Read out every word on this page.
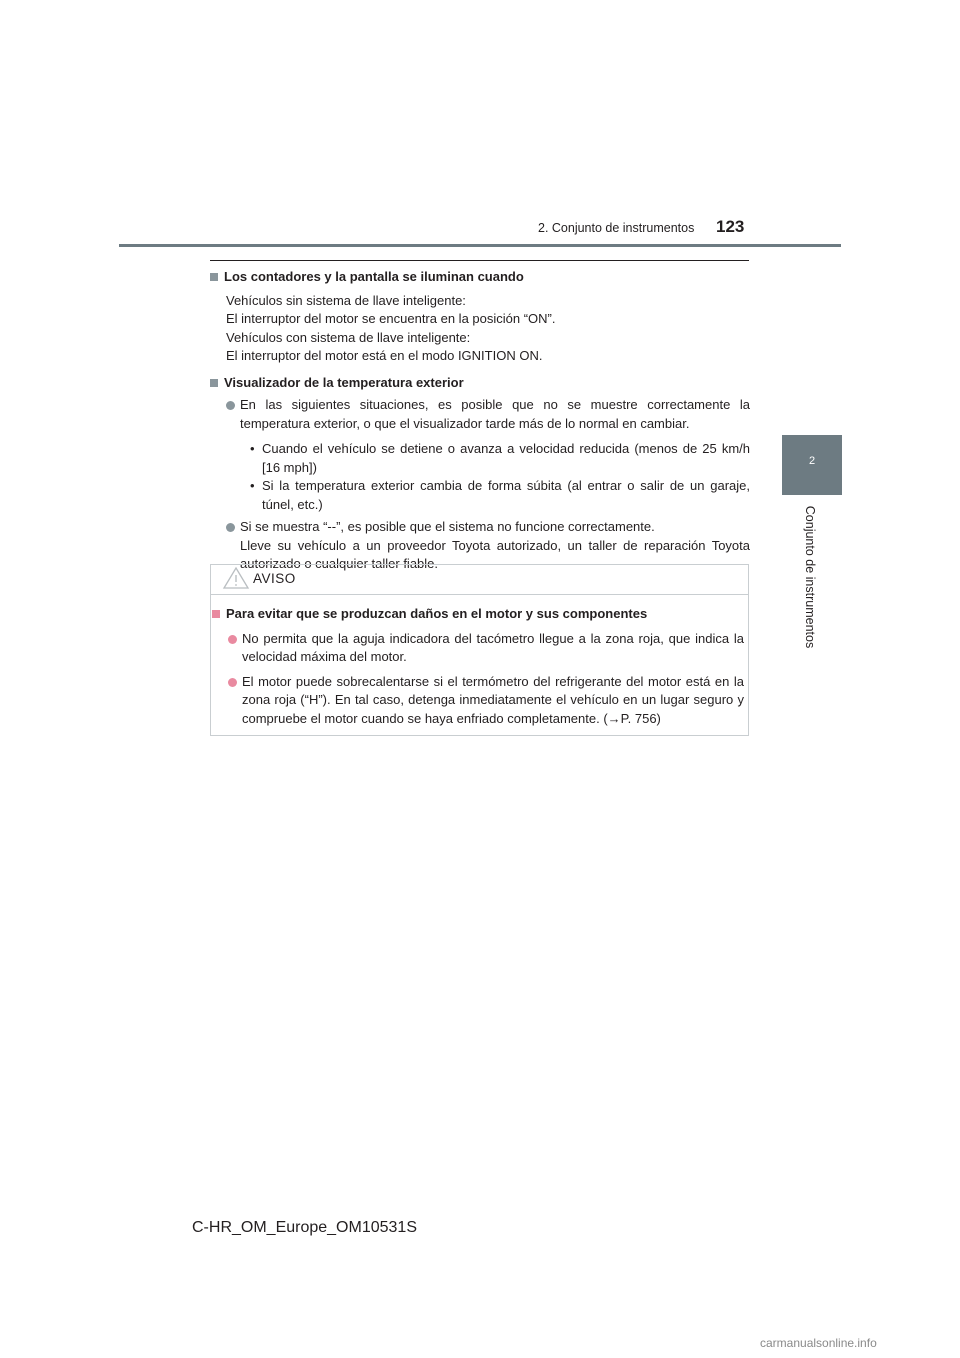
2. Conjunto de instrumentos 123
2
Conjunto de instrumentos
Los contadores y la pantalla se iluminan cuando
Vehículos sin sistema de llave inteligente:
El interruptor del motor se encuentra en la posición “ON”.
Vehículos con sistema de llave inteligente:
El interruptor del motor está en el modo IGNITION ON.
Visualizador de la temperatura exterior
En las siguientes situaciones, es posible que no se muestre correctamente la temperatura exterior, o que el visualizador tarde más de lo normal en cambiar.
• Cuando el vehículo se detiene o avanza a velocidad reducida (menos de 25 km/h [16 mph])
• Si la temperatura exterior cambia de forma súbita (al entrar o salir de un garaje, túnel, etc.)
Si se muestra “--”, es posible que el sistema no funcione correctamente.
Lleve su vehículo a un proveedor Toyota autorizado, un taller de reparación Toyota autorizado o cualquier taller fiable.
AVISO
Para evitar que se produzcan daños en el motor y sus componentes
No permita que la aguja indicadora del tacómetro llegue a la zona roja, que indica la velocidad máxima del motor.
El motor puede sobrecalentarse si el termómetro del refrigerante del motor está en la zona roja (“H”). En tal caso, detenga inmediatamente el vehículo en un lugar seguro y compruebe el motor cuando se haya enfriado completamente. (→P. 756)
C-HR_OM_Europe_OM10531S
carmanualsonline.info
